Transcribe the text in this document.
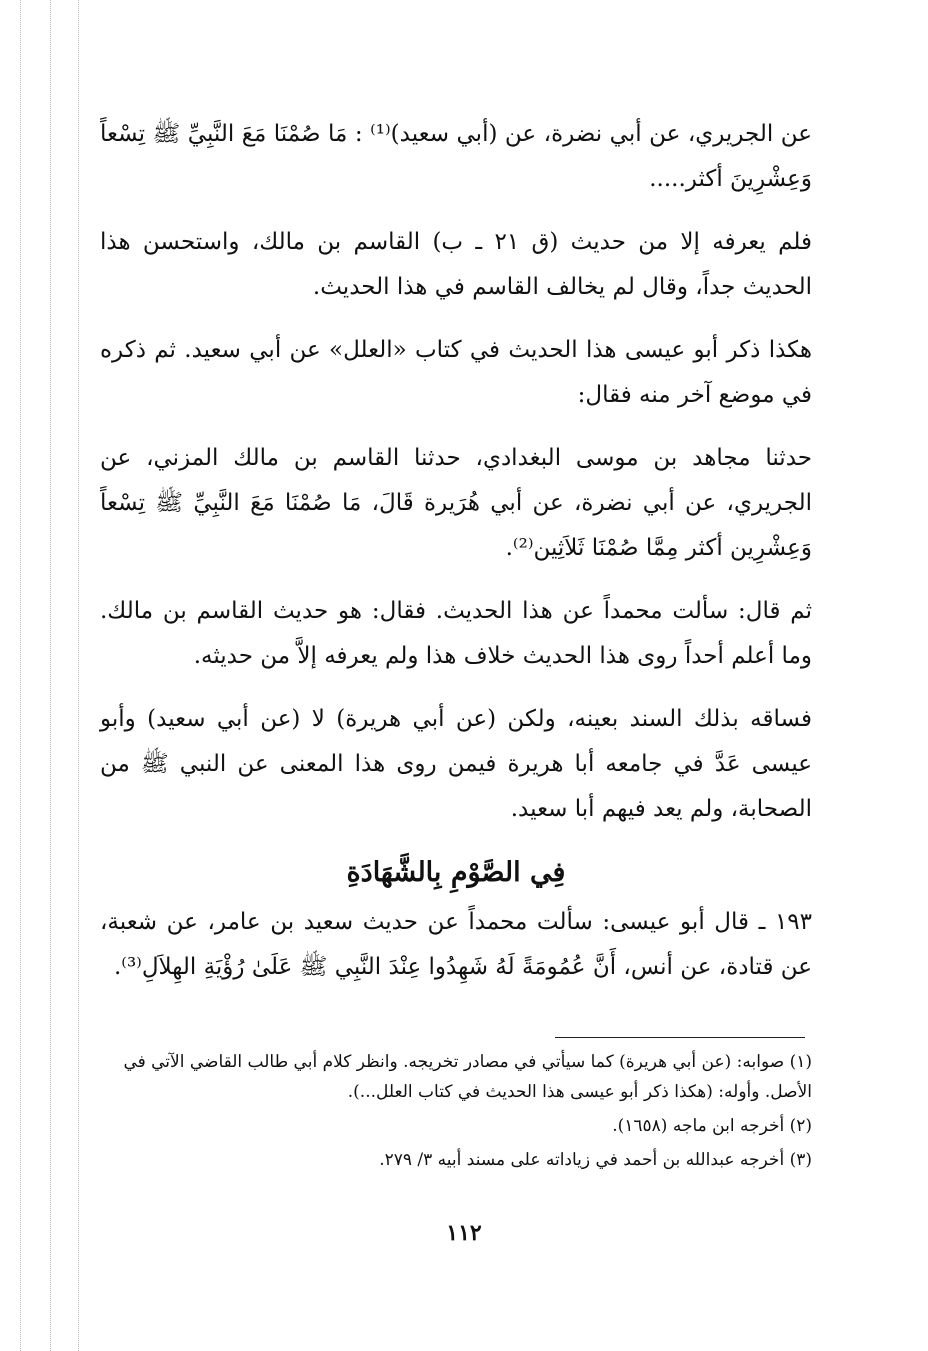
عن الجريري، عن أبي نضرة، عن (أبي سعيد)⁽¹⁾ : مَا صُمْنَا مَعَ النَّبِيِّ ﷺ تِسْعاً وَعِشْرِينَ أكثر.....

فلم يعرفه إلا من حديث (ق ٢١ ـ ب) القاسم بن مالك، واستحسن هذا الحديث جداً، وقال لم يخالف القاسم في هذا الحديث.

هكذا ذكر أبو عيسى هذا الحديث في كتاب «العلل» عن أبي سعيد. ثم ذكره في موضع آخر منه فقال:

حدثنا مجاهد بن موسى البغدادي، حدثنا القاسم بن مالك المزني، عن الجريري، عن أبي نضرة، عن أبي هُرَيرة قَالَ، مَا صُمْنَا مَعَ النَّبِيِّ ﷺ تِسْعاً وَعِشْرِين أكثر مِمَّا صُمْنَا ثَلاَثِين⁽²⁾.

ثم قال: سألت محمداً عن هذا الحديث. فقال: هو حديث القاسم بن مالك. وما أعلم أحداً روى هذا الحديث خلاف هذا ولم يعرفه إلاَّ من حديثه.

فساقه بذلك السند بعينه، ولكن (عن أبي هريرة) لا (عن أبي سعيد) وأبو عيسى عَدَّ في جامعه أبا هريرة فيمن روى هذا المعنى عن النبي ﷺ من الصحابة، ولم يعد فيهم أبا سعيد.

فِي الصَّوْمِ بِالشَّهَادَةِ

١٩٣ ـ قال أبو عيسى: سألت محمداً عن حديث سعيد بن عامر، عن شعبة، عن قتادة، عن أنس، أَنَّ عُمُومَةً لَهُ شَهِدُوا عِنْدَ النَّبِي ﷺ عَلَىٰ رُؤْيَةِ الهِلاَلِ⁽³⁾.

(١) صوابه: (عن أبي هريرة) كما سيأتي في مصادر تخريجه. وانظر كلام أبي طالب القاضي الآتي في الأصل. وأوله: (هكذا ذكر أبو عيسى هذا الحديث في كتاب العلل...).

(٢) أخرجه ابن ماجه (١٦٥٨).

(٣) أخرجه عبدالله بن أحمد في زياداته على مسند أبيه ٣/ ٢٧٩.

١١٢
